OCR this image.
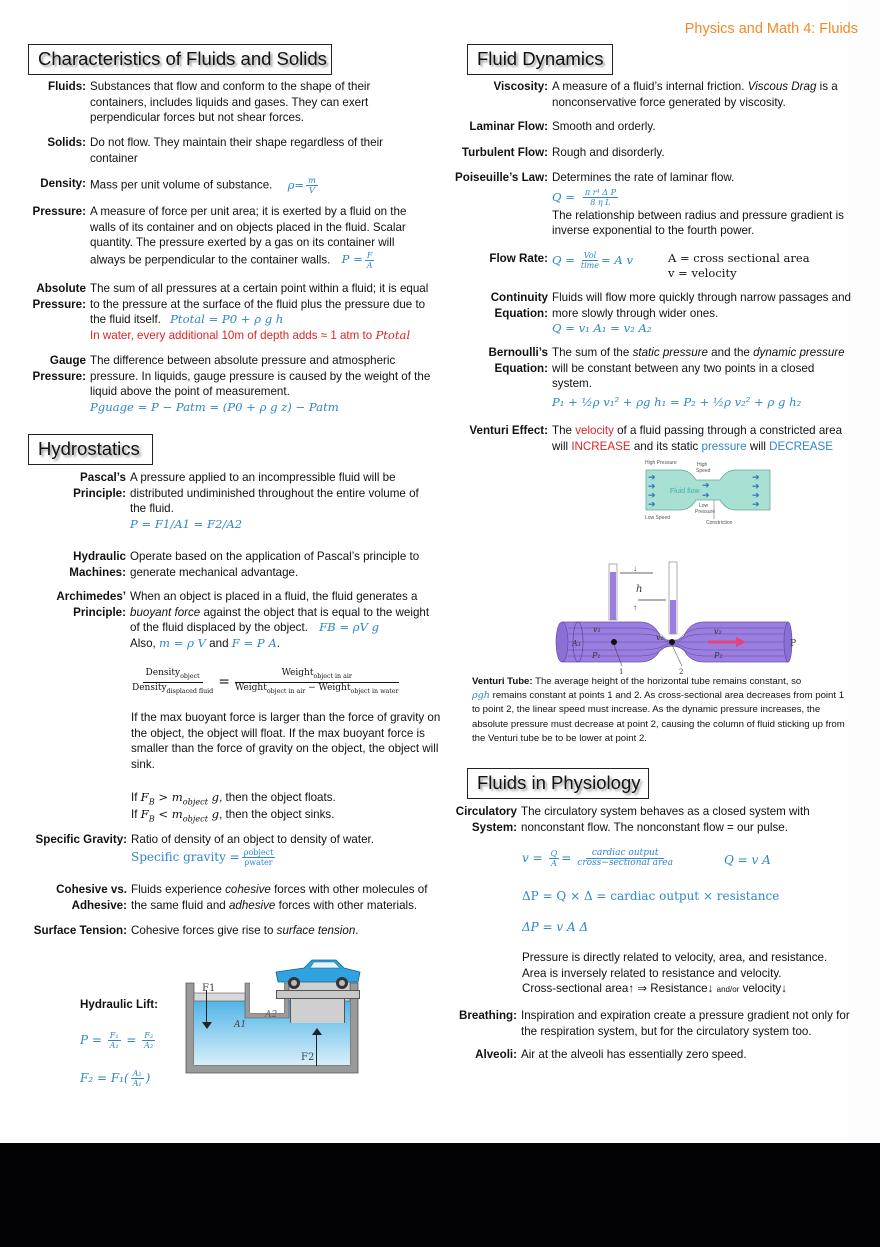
Physics and Math 4: Fluids
Characteristics of Fluids and Solids
Fluids: Substances that flow and conform to the shape of their containers, includes liquids and gases. They can exert perpendicular forces but not shear forces.
Solids: Do not flow. They maintain their shape regardless of their container
Density: Mass per unit volume of substance. $\rho= \frac{m}{V}$
Pressure: A measure of force per unit area; it is exerted by a fluid on the walls of its container and on objects placed in the fluid. Scalar quantity. The pressure exerted by a gas on its container will always be perpendicular to the container walls. $P = \frac{F}{A}$
Absolute
Pressure:
The sum of all pressures at a certain point within a fluid; it is equal to the pressure at the surface of the fluid plus the pressure due to the fluid itself. Ptotal = P0 + ρ g h
In water, every additional 10m of depth adds ≈ 1 atm to Ptotal
Gauge
Pressure:
The difference between absolute pressure and atmospheric pressure. In liquids, gauge pressure is caused by the weight of the liquid above the point of measurement.
Pguage = P − Patm = (P0 + ρ g z) − Patm
Hydrostatics
Pascal’s
Principle:
A pressure applied to an incompressible fluid will be distributed undiminished throughout the entire volume of the fluid.
P = F1/A1 = F2/A2
Hydraulic
Machines:
Operate based on the application of Pascal’s principle to generate mechanical advantage.
Archimedes’
Principle:
When an object is placed in a fluid, the fluid generates a buoyant force against the object that is equal to the weight of the fluid displaced by the object. FB = ρV g
Also, m = ρ V and F = P A.
$\frac{Density_{object}}{Density_{displaced fluid}} = \frac{Weight_{object in air}}{Weight_{object in air} - Weight_{object in water}}$
If the max buoyant force is larger than the force of gravity on the object, the object will float. If the max buoyant force is smaller than the force of gravity on the object, the object will sink.
If $F_B > m_{object}$ g, then the object floats.
If $F_B < m_{object}$ g, then the object sinks.
Specific Gravity: Ratio of density of an object to density of water.
Specific gravity = $\frac{\text{ρobject}}{\text{ρwater}}$
Cohesive vs.
Adhesive:
Fluids experience cohesive forces with other molecules of the same fluid and adhesive forces with other materials.
Surface Tension: Cohesive forces give rise to surface tension.
Hydraulic Lift:
$P = \frac{\text{F₁}}{\text{A₁}} = \frac{\text{F₂}}{\text{A₂}}$
$F_2 = F_1( \frac{\text{A₂}}{\text{A₁}}$ )
F1
A1
A2
F2
Fluid Dynamics
Viscosity: A measure of a fluid’s internal friction. Viscous Drag is a nonconservative force generated by viscosity.
Laminar Flow: Smooth and orderly.
Turbulent Flow: Rough and disorderly.
Poiseuille’s Law: Determines the rate of laminar flow.
$Q = \frac{\text{π r⁴ Δ P}}{\text{8 η L}}$

The relationship between radius and pressure gradient is inverse exponential to the fourth power.
Flow Rate: $Q = \frac{\text{Vol}}{\text{time}} = A$ v	A = cross sectional area
v = velocity
Continuity
Equation:
Fluids will flow more quickly through narrow passages and more slowly through wider ones.
Q = v₁ A₁ = v₂ A₂
Bernoulli’s
Equation:
The sum of the static pressure and the dynamic pressure will be constant between any two points in a closed system.
P₁ + ½ρ v₁² + ρg h₁ = P₂ + ½ρ v₂² + ρ g h₂
Venturi Effect: The velocity of a fluid passing through a constricted area will INCREASE and its static pressure will DECREASE
➔
➔
➔
➔
➔
➔
➔
➔
➔
➔
Fluid flow
High Pressure	High
Speed
Low
Pressure
Low Speed
Constriction
↓
h
↑
A₁
v₁
P₁
v₂
v₂
P₂
P
1	2
Venturi Tube: The average height of the horizontal tube remains constant, so
ρgh remains constant at points 1 and 2. As cross-sectional area decreases from point 1 to point 2, the linear speed must increase. As the dynamic pressure increases, the absolute pressure must decrease at point 2, causing the column of fluid sticking up from the Venturi tube be to be lower at point 2.
Fluids in Physiology
Circulatory
System:
The circulatory system behaves as a closed system with nonconstant flow. The nonconstant flow = our pulse.
$v = \frac{Q}{A} = \frac{\text{cardiac output}}{\text{cross−sectional area}}$	Q = v A
ΔP = Q × Δ = cardiac output × resistance
ΔP = v A Δ
Pressure is directly related to velocity, area, and resistance.
Area is inversely related to resistance and velocity.
Cross-sectional area↑ ⇒ Resistance↓ and/or velocity↓
Breathing: Inspiration and expiration create a pressure gradient not only for the respiration system, but for the circulatory system too.
Alveoli: Air at the alveoli has essentially zero speed.
